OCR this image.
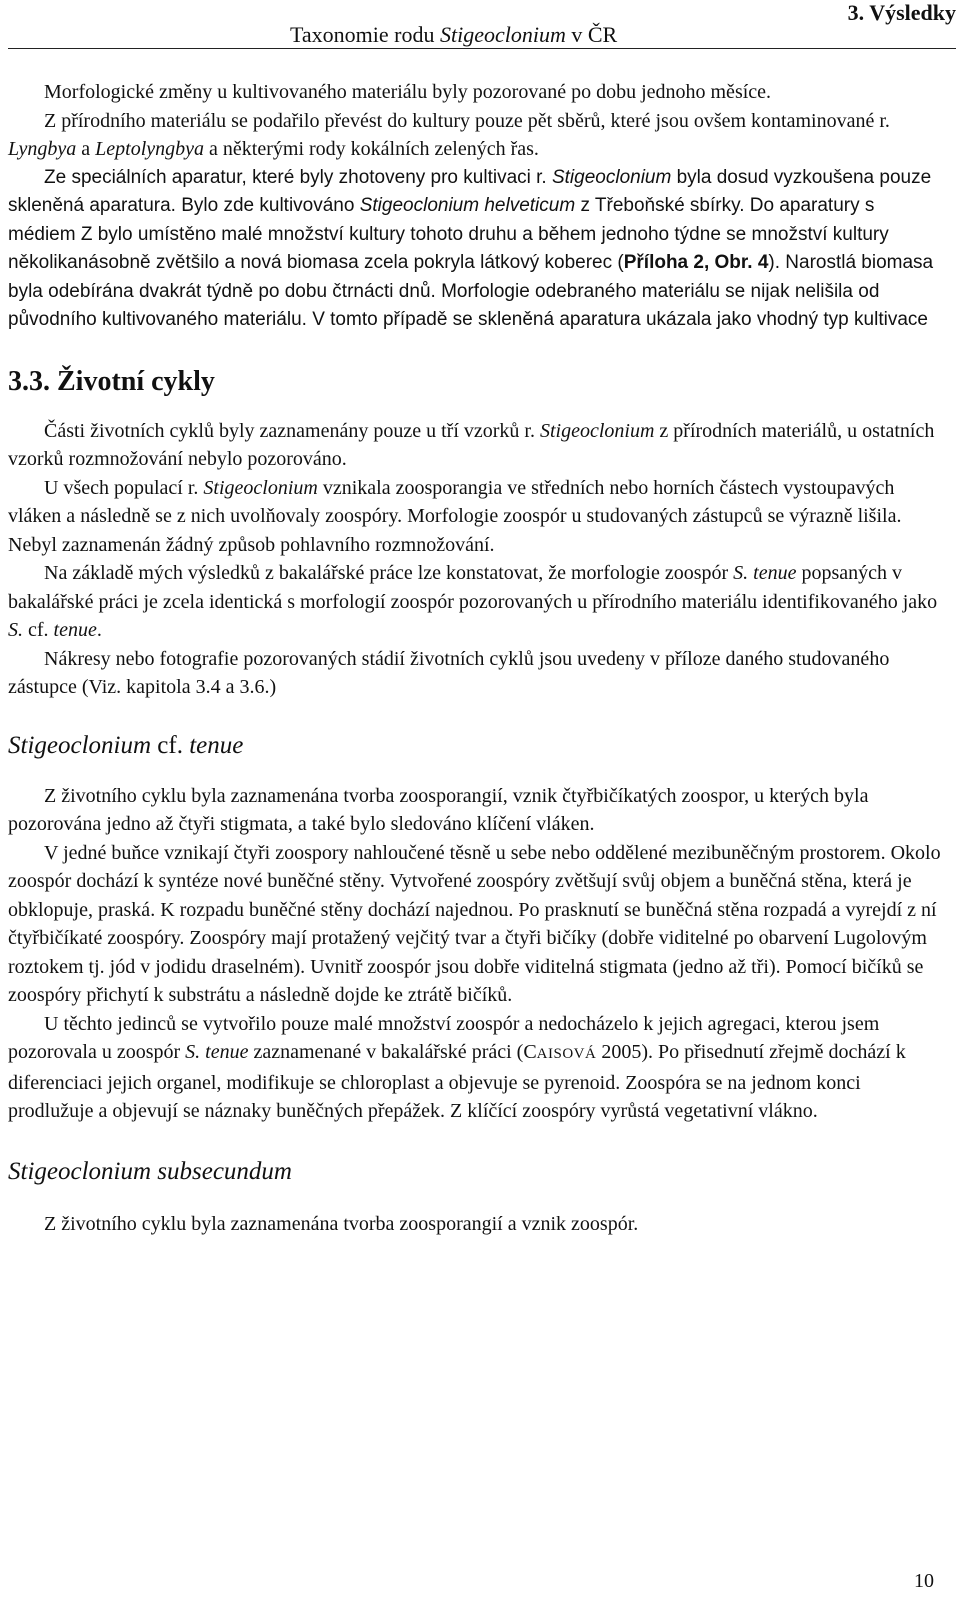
Taxonomie rodu Stigeoclonium v ČR
3. Výsledky

Morfologické změny u kultivovaného materiálu byly pozorované po dobu jednoho měsíce.

Z přírodního materiálu se podařilo převést do kultury pouze pět sběrů, které jsou ovšem kontaminované r. Lyngbya a Leptolyngbya a některými rody kokálních zelených řas.

Ze speciálních aparatur, které byly zhotoveny pro kultivaci r. Stigeoclonium byla dosud vyzkoušena pouze skleněná aparatura. Bylo zde kultivováno Stigeoclonium helveticum z Třeboňské sbírky. Do aparatury s médiem Z bylo umístěno malé množství kultury tohoto druhu a během jednoho týdne se množství kultury několikanásobně zvětšilo a nová biomasa zcela pokryla látkový koberec (Příloha 2, Obr. 4). Narostlá biomasa byla odebírána dvakrát týdně po dobu čtrnácti dnů. Morfologie odebraného materiálu se nijak nelišila od původního kultivovaného materiálu. V tomto případě se skleněná aparatura ukázala jako vhodný typ kultivace

3.3. Životní cykly

Části životních cyklů byly zaznamenány pouze u tří vzorků r. Stigeoclonium z přírodních materiálů, u ostatních vzorků rozmnožování nebylo pozorováno.

U všech populací r. Stigeoclonium vznikala zoosporangia ve středních nebo horních částech vystoupavých vláken a následně se z nich uvolňovaly zoospóry. Morfologie zoospór u studovaných zástupců se výrazně lišila. Nebyl zaznamenán žádný způsob pohlavního rozmnožování.

Na základě mých výsledků z bakalářské práce lze konstatovat, že morfologie zoospór S. tenue popsaných v bakalářské práci je zcela identická s morfologií zoospór pozorovaných u přírodního materiálu identifikovaného jako S. cf. tenue.

Nákresy nebo fotografie pozorovaných stádií životních cyklů jsou uvedeny v příloze daného studovaného zástupce (Viz. kapitola 3.4 a 3.6.)

Stigeoclonium cf. tenue

Z životního cyklu byla zaznamenána tvorba zoosporangií, vznik čtyřbičíkatých zoospor, u kterých byla pozorována jedno až čtyři stigmata, a také bylo sledováno klíčení vláken.

V jedné buňce vznikají čtyři zoospory nahloučené těsně u sebe nebo oddělené mezibuněčným prostorem. Okolo zoospór dochází k syntéze nové buněčné stěny. Vytvořené zoospóry zvětšují svůj objem a buněčná stěna, která je obklopuje, praská. K rozpadu buněčné stěny dochází najednou. Po prasknutí se buněčná stěna rozpadá a vyrejdí z ní čtyřbičíkaté zoospóry. Zoospóry mají protažený vejčitý tvar a čtyři bičíky (dobře viditelné po obarvení Lugolovým roztokem tj. jód v jodidu draselném). Uvnitř zoospór jsou dobře viditelná stigmata (jedno až tři). Pomocí bičíků se zoospóry přichytí k substrátu a následně dojde ke ztrátě bičíků.

U těchto jedinců se vytvořilo pouze malé množství zoospór a nedocházelo k jejich agregaci, kterou jsem pozorovala u zoospór S. tenue zaznamenané v bakalářské práci (CAISOVÁ 2005). Po přisednutí zřejmě dochází k diferenciaci jejich organel, modifikuje se chloroplast a objevuje se pyrenoid. Zoospóra se na jednom konci prodlužuje a objevují se náznaky buněčných přepážek. Z klíčící zoospóry vyrůstá vegetativní vlákno.

Stigeoclonium subsecundum

Z životního cyklu byla zaznamenána tvorba zoosporangií a vznik zoospór.

10
